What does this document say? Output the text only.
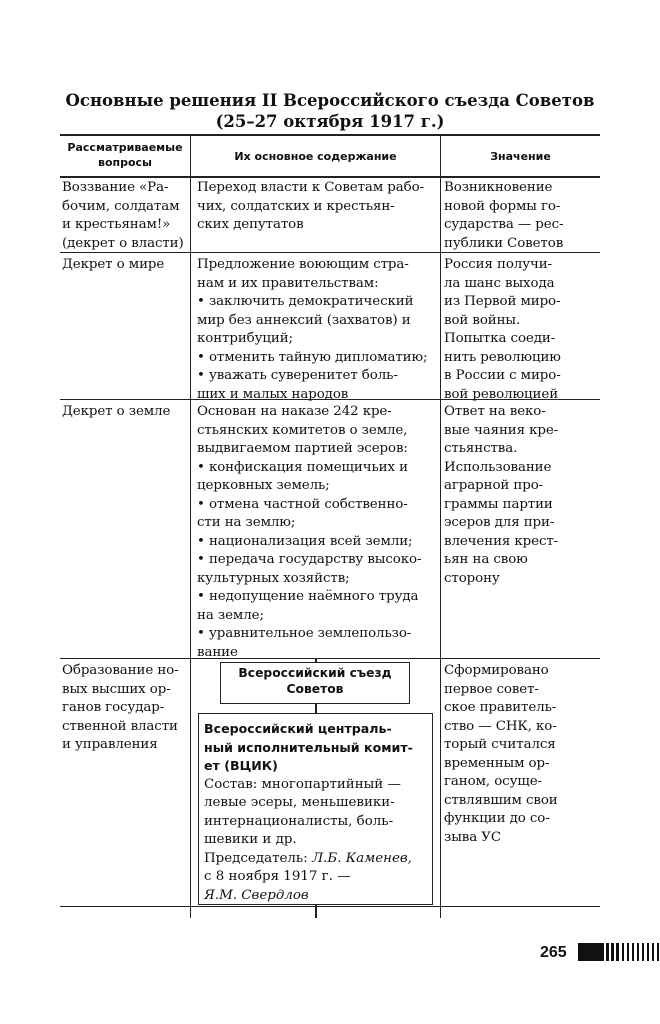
Основные решения II Всероссийского съезда Советов
(25–27 октября 1917 г.)
Рассматриваемые
вопросы	Их основное содержание	Значение
Воззвание «Ра-
бочим, солдатам
и крестьянам!»
(декрет о власти)
Переход власти к Советам рабо-
чих, солдатских и крестьян-
ских депутатов
Возникновение
новой формы го-
сударства — рес-
публики Советов
Декрет о мире Предложение воюющим стра-
нам и их правительствам:
• заключить демократический
мир без аннексий (захватов) и
контрибуций;
• отменить тайную дипломатию;
• уважать суверенитет боль-
ших и малых народов
Россия получи-
ла шанс выхода
из Первой миро-
вой войны.
Попытка соеди-
нить революцию
в России с миро-
вой революцией
Декрет о земле Основан на наказе 242 кре-
стьянских комитетов о земле,
выдвигаемом партией эсеров:
• конфискация помещичьих и
церковных земель;
• отмена частной собственно-
сти на землю;
• национализация всей земли;
• передача государству высоко-
культурных хозяйств;
• недопущение наёмного труда
на земле;
• уравнительное землепользо-
вание
Ответ на веко-
вые чаяния кре-
стьянства.
Использование
аграрной про-
граммы партии
эсеров для при-
влечения крест-
ьян на свою
сторону
Образование но-
вых высших ор-
ганов государ-
ственной власти
и управления
Сформировано
первое совет-
ское правитель-
ство — СНК, ко-
торый считался
временным ор-
ганом, осуще-
ствлявшим свои
функции до со-
зыва УС
Всероссийский съезд
Советов
Всероссийский централь-
ный исполнительный комит-
ет (ВЦИК)
Состав: многопартийный —
левые эсеры, меньшевики-
интернационалисты, боль-
шевики и др.
Председатель: Л.Б. Каменев,
с 8 ноября 1917 г. —
Я.М. Свердлов
265
